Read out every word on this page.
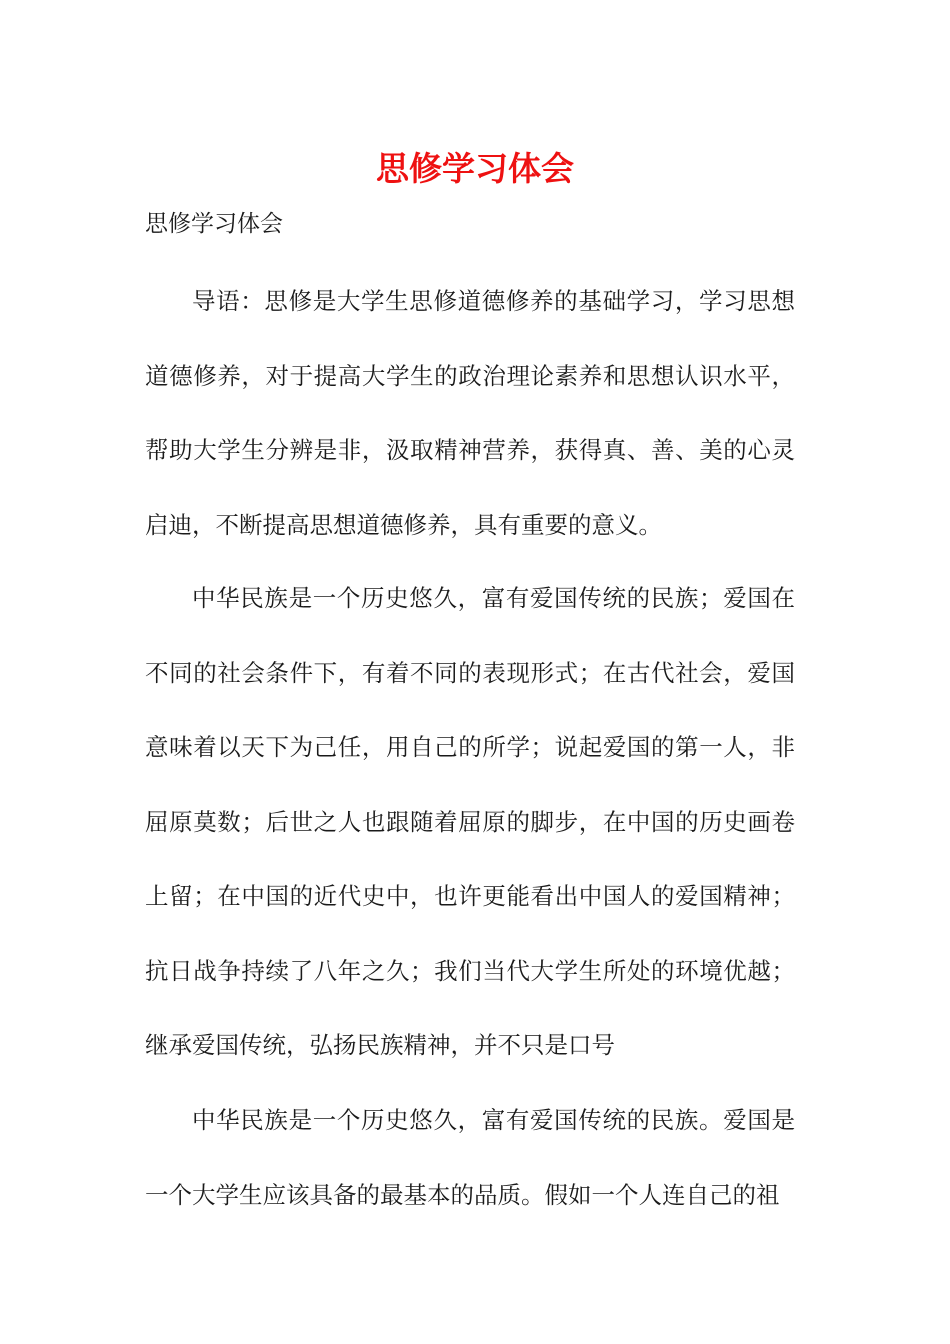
思修学习体会

思修学习体会

导语：思修是大学生思修道德修养的基础学习，学习思想道德修养，对于提高大学生的政治理论素养和思想认识水平，帮助大学生分辨是非，汲取精神营养，获得真、善、美的心灵启迪，不断提高思想道德修养，具有重要的意义。

中华民族是一个历史悠久，富有爱国传统的民族；爱国在不同的社会条件下，有着不同的表现形式；在古代社会，爱国意味着以天下为己任，用自己的所学；说起爱国的第一人，非屈原莫数；后世之人也跟随着屈原的脚步，在中国的历史画卷上留；在中国的近代史中，也许更能看出中国人的爱国精神；抗日战争持续了八年之久；我们当代大学生所处的环境优越；继承爱国传统，弘扬民族精神，并不只是口号

中华民族是一个历史悠久，富有爱国传统的民族。爱国是一个大学生应该具备的最基本的品质。假如一个人连自己的祖
